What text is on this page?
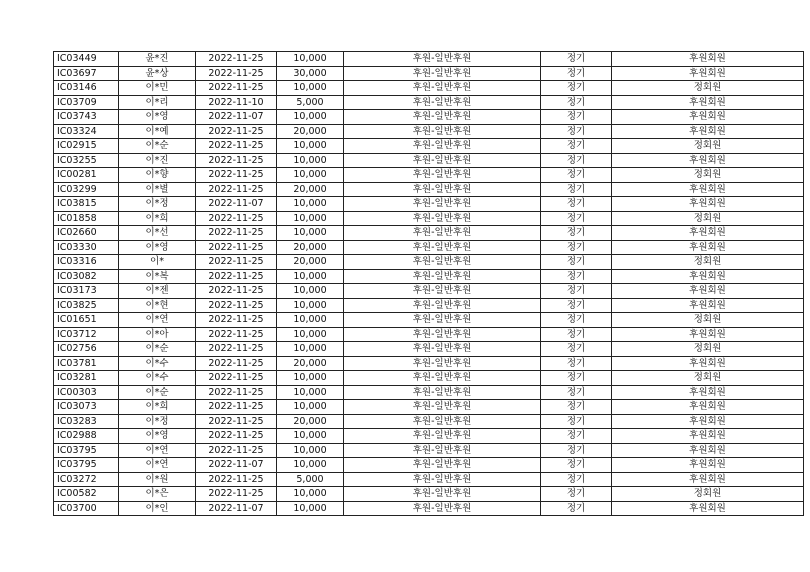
IC03449	윤*진	2022-11-25	10,000	후원-일반후원	정기	후원회원
IC03697	윤*상	2022-11-25	30,000	후원-일반후원	정기	후원회원
IC03146	이*민	2022-11-25	10,000	후원-일반후원	정기	정회원
IC03709	이*리	2022-11-10	5,000	후원-일반후원	정기	후원회원
IC03743	이*영	2022-11-07	10,000	후원-일반후원	정기	후원회원
IC03324	이*예	2022-11-25	20,000	후원-일반후원	정기	후원회원
IC02915	이*순	2022-11-25	10,000	후원-일반후원	정기	정회원
IC03255	이*진	2022-11-25	10,000	후원-일반후원	정기	후원회원
IC00281	이*향	2022-11-25	10,000	후원-일반후원	정기	정회원
IC03299	이*별	2022-11-25	20,000	후원-일반후원	정기	후원회원
IC03815	이*정	2022-11-07	10,000	후원-일반후원	정기	후원회원
IC01858	이*희	2022-11-25	10,000	후원-일반후원	정기	정회원
IC02660	이*선	2022-11-25	10,000	후원-일반후원	정기	후원회원
IC03330	이*영	2022-11-25	20,000	후원-일반후원	정기	후원회원
IC03316	이*	2022-11-25	20,000	후원-일반후원	정기	정회원
IC03082	이*복	2022-11-25	10,000	후원-일반후원	정기	후원회원
IC03173	이*젠	2022-11-25	10,000	후원-일반후원	정기	후원회원
IC03825	이*현	2022-11-25	10,000	후원-일반후원	정기	후원회원
IC01651	이*연	2022-11-25	10,000	후원-일반후원	정기	정회원
IC03712	이*아	2022-11-25	10,000	후원-일반후원	정기	후원회원
IC02756	이*순	2022-11-25	10,000	후원-일반후원	정기	정회원
IC03781	이*수	2022-11-25	20,000	후원-일반후원	정기	후원회원
IC03281	이*수	2022-11-25	10,000	후원-일반후원	정기	정회원
IC00303	이*순	2022-11-25	10,000	후원-일반후원	정기	후원회원
IC03073	이*희	2022-11-25	10,000	후원-일반후원	정기	후원회원
IC03283	이*정	2022-11-25	20,000	후원-일반후원	정기	후원회원
IC02988	이*영	2022-11-25	10,000	후원-일반후원	정기	후원회원
IC03795	이*연	2022-11-25	10,000	후원-일반후원	정기	후원회원
IC03795	이*연	2022-11-07	10,000	후원-일반후원	정기	후원회원
IC03272	이*원	2022-11-25	5,000	후원-일반후원	정기	후원회원
IC00582	이*은	2022-11-25	10,000	후원-일반후원	정기	정회원
IC03700	이*인	2022-11-07	10,000	후원-일반후원	정기	후원회원
